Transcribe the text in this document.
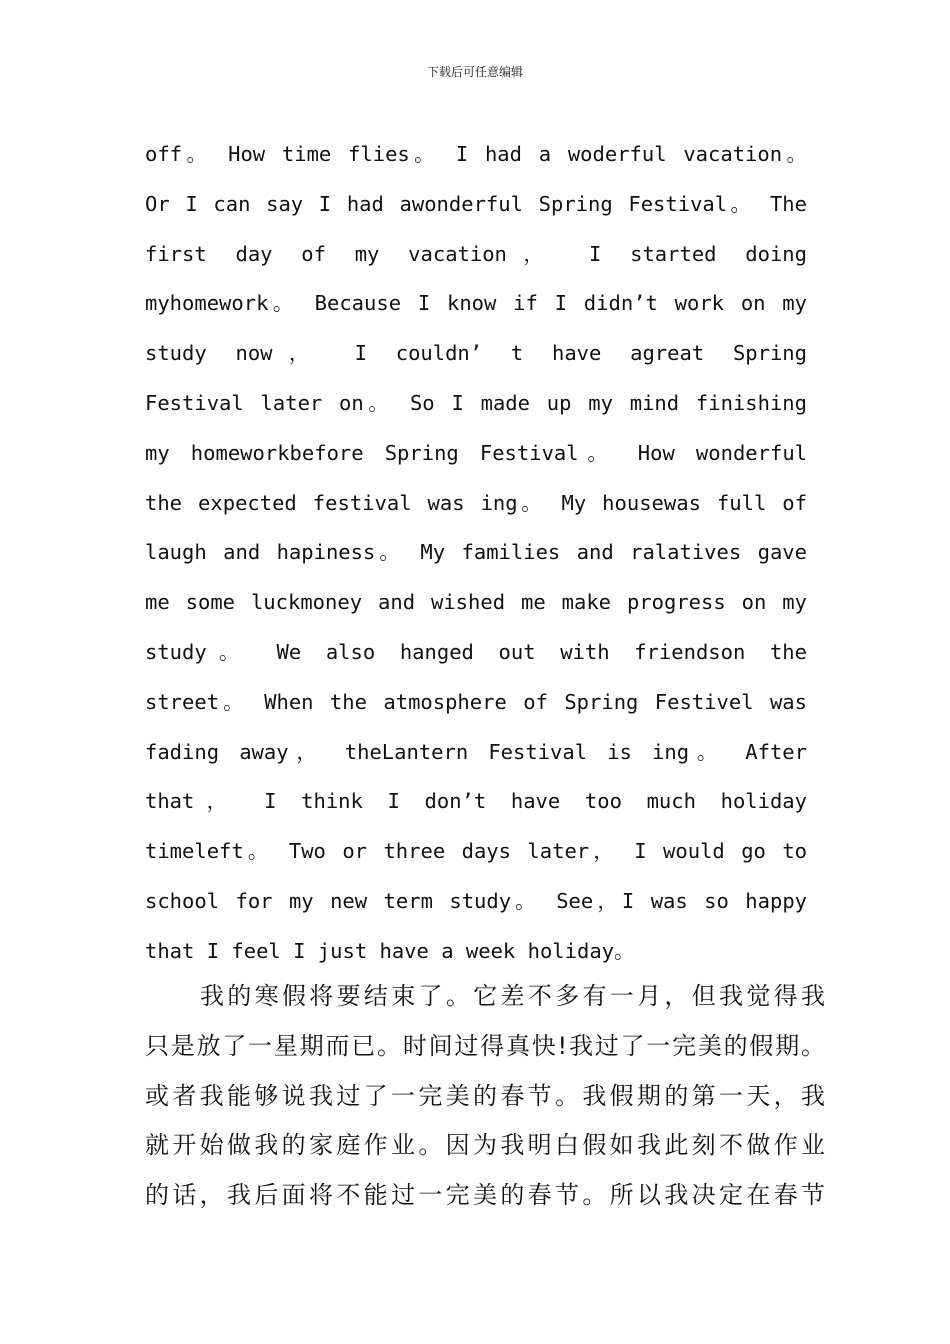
下载后可任意编辑
off。 How time flies。 I had a woderful vacation。
Or I can say I had awonderful Spring Festival。 The
first day of my vacation， I started doing
myhomework。 Because I know if I didn’t work on my
study now， I couldn’ t have agreat Spring
Festival later on。 So I made up my mind finishing
my homeworkbefore Spring Festival。 How wonderful
the expected festival was ing。 My housewas full of
laugh and hapiness。 My families and ralatives gave
me some luckmoney and wished me make progress on my
study。 We also hanged out with friendson the
street。 When the atmosphere of Spring Festivel was
fading away， theLantern Festival is ing。 After
that， I think I don’t have too much holiday
timeleft。 Two or three days later， I would go to
school for my new term study。 See，I was so happy
that I feel I just have a week holiday。
我的寒假将要结束了。它差不多有一月，但我觉得我
只是放了一星期而已。时间过得真快!我过了一完美的假期。
或者我能够说我过了一完美的春节。我假期的第一天，我
就开始做我的家庭作业。因为我明白假如我此刻不做作业
的话，我后面将不能过一完美的春节。所以我决定在春节
